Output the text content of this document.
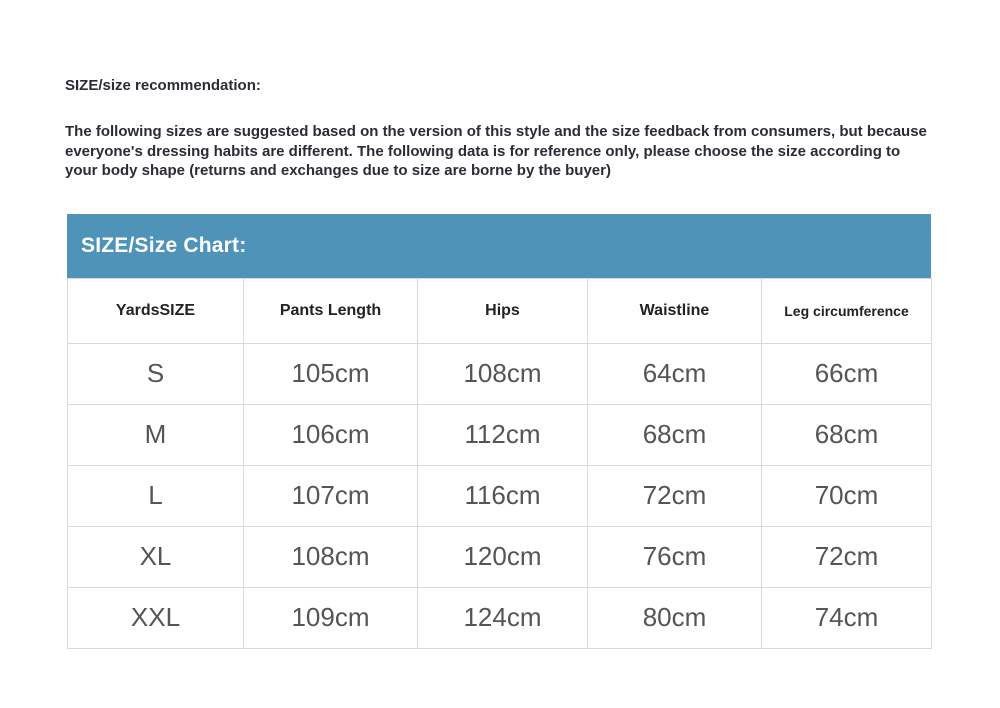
SIZE/size recommendation:

The following sizes are suggested based on the version of this style and the size feedback from consumers, but because everyone's dressing habits are different. The following data is for reference only, please choose the size according to your body shape (returns and exchanges due to size are borne by the buyer)

SIZE/Size Chart:
YardsSIZE	Pants Length	Hips	Waistline	Leg circumference
S	105cm	108cm	64cm	66cm
M	106cm	112cm	68cm	68cm
L	107cm	116cm	72cm	70cm
XL	108cm	120cm	76cm	72cm
XXL	109cm	124cm	80cm	74cm
